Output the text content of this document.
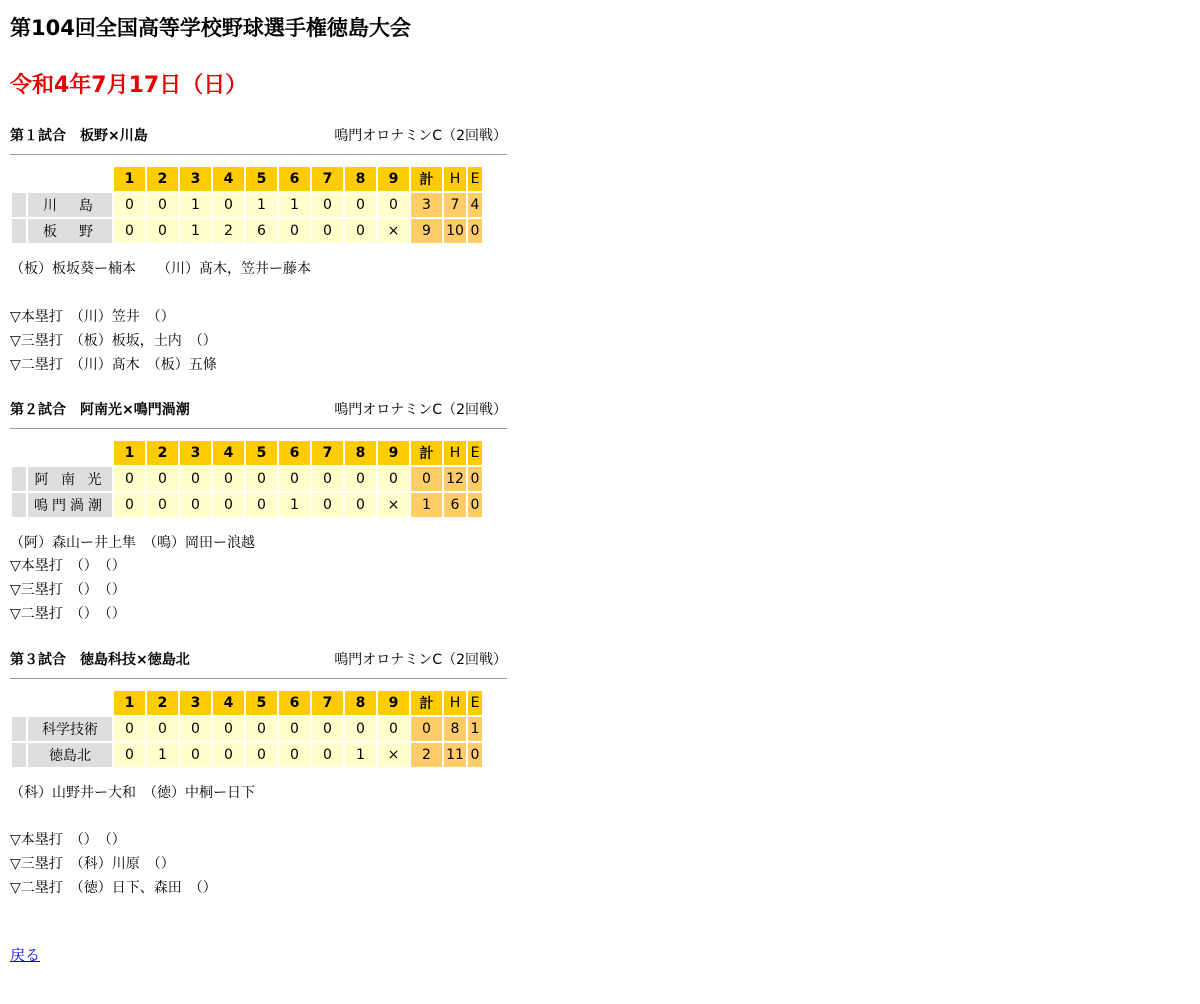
第104回全国高等学校野球選手権徳島大会
令和4年7月17日（日）
第１試合　板野×川島	鳴門オロナミンC（2回戦）
		1	2	3	4	5	6	7	8	9	計	H	E
	川　島	0	0	1	0	1	1	0	0	0	3	7	4
	板　野	0	0	1	2	6	0	0	0	×	9	10	0
（板）板坂葵ー楠本　　（川）髙木，笠井ー藤本
▽本塁打　（川）笠井　（）
▽三塁打　（板）板坂，土内　（）
▽二塁打　（川）髙木　（板）五條
第２試合　阿南光×鳴門渦潮	鳴門オロナミンC（2回戦）
		1	2	3	4	5	6	7	8	9	計	H	E
	阿 南 光	0	0	0	0	0	0	0	0	0	0	12	0
	鳴門渦潮	0	0	0	0	0	1	0	0	×	1	6	0
（阿）森山ー井上隼　（鳴）岡田ー浪越
▽本塁打　（）　（）
▽三塁打　（）　（）
▽二塁打　（）　（）
第３試合　徳島科技×徳島北	鳴門オロナミンC（2回戦）
		1	2	3	4	5	6	7	8	9	計	H	E
	科学技術	0	0	0	0	0	0	0	0	0	0	8	1
	徳島北	0	1	0	0	0	0	0	1	×	2	11	0
（科）山野井ー大和　（徳）中桐ー日下
▽本塁打　（）　（）
▽三塁打　（科）川原　（）
▽二塁打　（徳）日下、森田　（）
戻る
